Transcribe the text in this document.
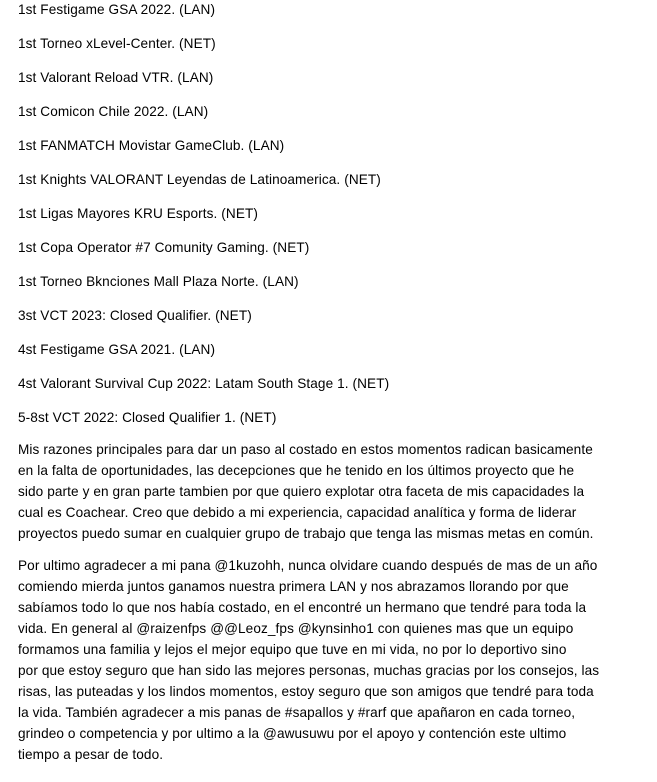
1st Festigame GSA 2022. (LAN)
1st Torneo xLevel-Center. (NET)
1st Valorant Reload VTR. (LAN)
1st Comicon Chile 2022. (LAN)
1st FANMATCH Movistar GameClub. (LAN)
1st Knights VALORANT Leyendas de Latinoamerica. (NET)
1st Ligas Mayores KRU Esports. (NET)
1st Copa Operator #7 Comunity Gaming. (NET)
1st Torneo Bknciones Mall Plaza Norte. (LAN)
3st VCT 2023: Closed Qualifier. (NET)
4st Festigame GSA 2021. (LAN)
4st Valorant Survival Cup 2022: Latam South Stage 1. (NET)
5-8st VCT 2022: Closed Qualifier 1. (NET)

Mis razones principales para dar un paso al costado en estos momentos radican basicamente
en la falta de oportunidades, las decepciones que he tenido en los últimos proyecto que he
sido parte y en gran parte tambien por que quiero explotar otra faceta de mis capacidades la
cual es Coachear. Creo que debido a mi experiencia, capacidad analítica y forma de liderar
proyectos puedo sumar en cualquier grupo de trabajo que tenga las mismas metas en común.

Por ultimo agradecer a mi pana @1kuzohh, nunca olvidare cuando después de mas de un año
comiendo mierda juntos ganamos nuestra primera LAN y nos abrazamos llorando por que
sabíamos todo lo que nos había costado, en el encontré un hermano que tendré para toda la
vida. En general al @raizenfps @@Leoz_fps @kynsinho1 con quienes mas que un equipo
formamos una familia y lejos el mejor equipo que tuve en mi vida, no por lo deportivo sino
por que estoy seguro que han sido las mejores personas, muchas gracias por los consejos, las
risas, las puteadas y los lindos momentos, estoy seguro que son amigos que tendré para toda
la vida. También agradecer a mis panas de #sapallos y #rarf que apañaron en cada torneo,
grindeo o competencia y por ultimo a la @awusuwu por el apoyo y contención este ultimo
tiempo a pesar de todo.
